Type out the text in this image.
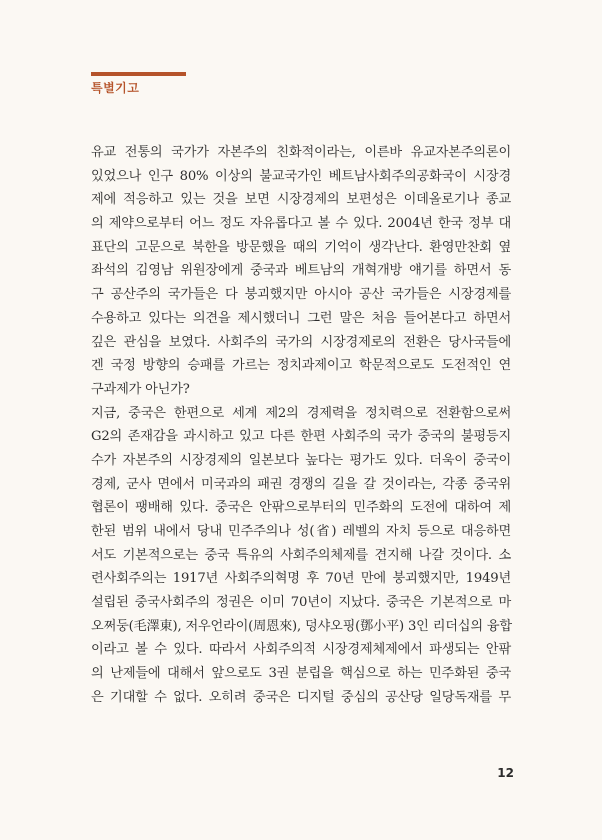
특별기고
유교 전통의 국가가 자본주의 친화적이라는, 이른바 유교자본주의론이
있었으나 인구 80% 이상의 불교국가인 베트남사회주의공화국이 시장경
제에 적응하고 있는 것을 보면 시장경제의 보편성은 이데올로기나 종교
의 제약으로부터 어느 정도 자유롭다고 볼 수 있다. 2004년 한국 정부 대
표단의 고문으로 북한을 방문했을 때의 기억이 생각난다. 환영만찬회 옆
좌석의 김영남 위원장에게 중국과 베트남의 개혁개방 얘기를 하면서 동
구 공산주의 국가들은 다 붕괴했지만 아시아 공산 국가들은 시장경제를
수용하고 있다는 의견을 제시했더니 그런 말은 처음 들어본다고 하면서
깊은 관심을 보였다. 사회주의 국가의 시장경제로의 전환은 당사국들에
겐 국정 방향의 승패를 가르는 정치과제이고 학문적으로도 도전적인 연
구과제가 아닌가?
지금, 중국은 한편으로 세계 제2의 경제력을 정치력으로 전환함으로써
G2의 존재감을 과시하고 있고 다른 한편 사회주의 국가 중국의 불평등지
수가 자본주의 시장경제의 일본보다 높다는 평가도 있다. 더욱이 중국이
경제, 군사 면에서 미국과의 패권 경쟁의 길을 갈 것이라는, 각종 중국위
협론이 팽배해 있다. 중국은 안팎으로부터의 민주화의 도전에 대하여 제
한된 범위 내에서 당내 민주주의나 성(省) 레벨의 자치 등으로 대응하면
서도 기본적으로는 중국 특유의 사회주의체제를 견지해 나갈 것이다. 소
련사회주의는 1917년 사회주의혁명 후 70년 만에 붕괴했지만, 1949년
설립된 중국사회주의 정권은 이미 70년이 지났다. 중국은 기본적으로 마
오쩌둥(毛澤東), 저우언라이(周恩來), 덩샤오핑(鄧小平) 3인 리더십의 융합
이라고 볼 수 있다. 따라서 사회주의적 시장경제체제에서 파생되는 안팎
의 난제들에 대해서 앞으로도 3권 분립을 핵심으로 하는 민주화된 중국
은 기대할 수 없다. 오히려 중국은 디지털 중심의 공산당 일당독재를 무
12
